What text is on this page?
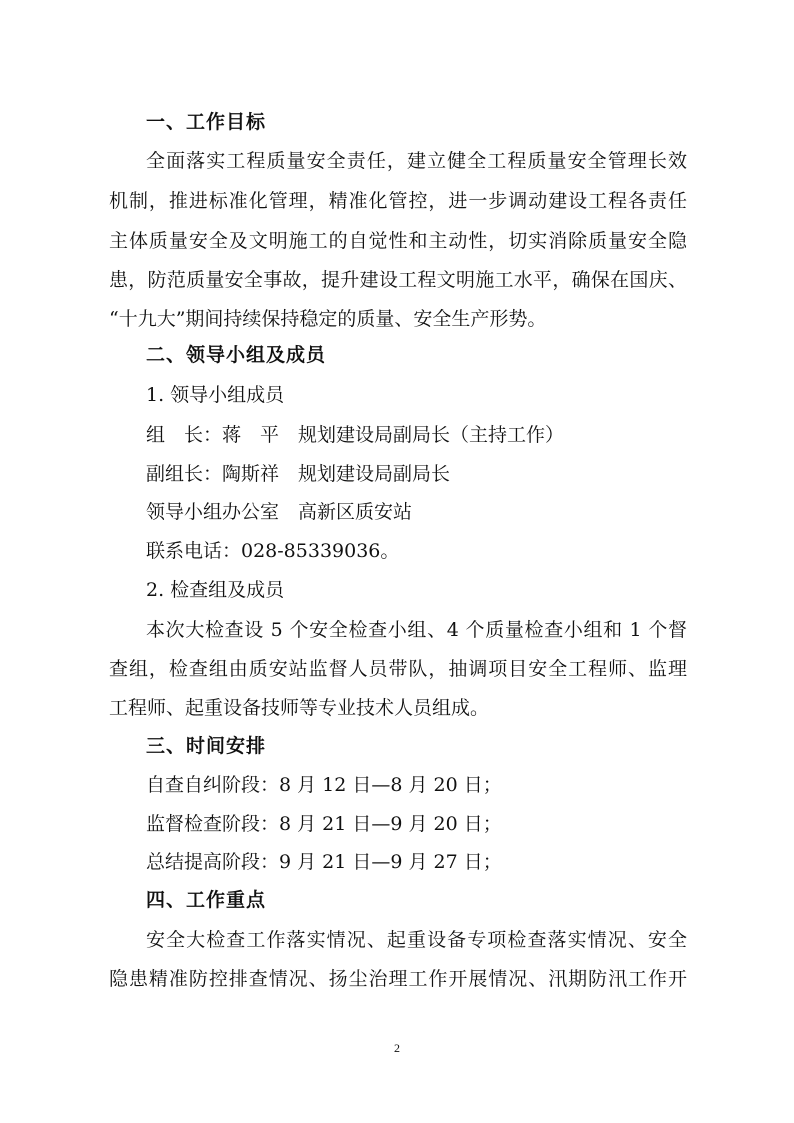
一、工作目标
全面落实工程质量安全责任，建立健全工程质量安全管理长效
机制，推进标准化管理，精准化管控，进一步调动建设工程各责任
主体质量安全及文明施工的自觉性和主动性，切实消除质量安全隐
患，防范质量安全事故，提升建设工程文明施工水平，确保在国庆、
“十九大”期间持续保持稳定的质量、安全生产形势。
二、领导小组及成员
1. 领导小组成员
组　长：蒋　平　规划建设局副局长（主持工作）
副组长：陶斯祥　规划建设局副局长
领导小组办公室　高新区质安站
联系电话：028-85339036。
2. 检查组及成员
本次大检查设 5 个安全检查小组、4 个质量检查小组和 1 个督
查组，检查组由质安站监督人员带队，抽调项目安全工程师、监理
工程师、起重设备技师等专业技术人员组成。
三、时间安排
自查自纠阶段：8 月 12 日—8 月 20 日；
监督检查阶段：8 月 21 日—9 月 20 日；
总结提高阶段：9 月 21 日—9 月 27 日；
四、工作重点
安全大检查工作落实情况、起重设备专项检查落实情况、安全
隐患精准防控排查情况、扬尘治理工作开展情况、汛期防汛工作开
2
